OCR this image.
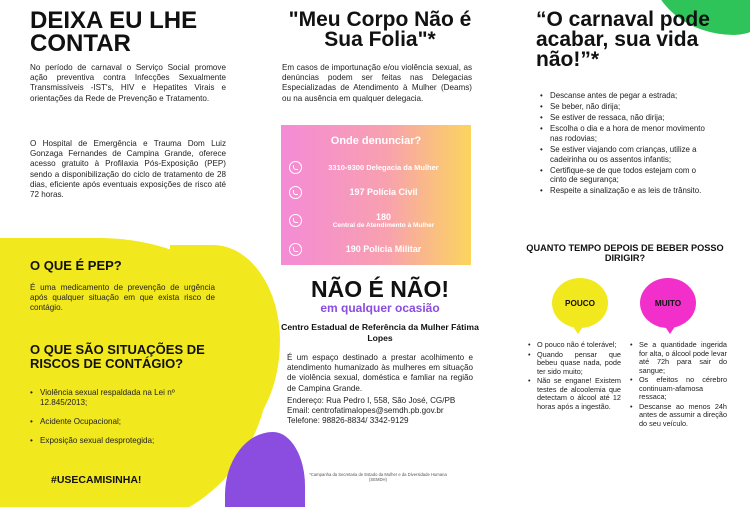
DEIXA EU LHE CONTAR
No período de carnaval o Serviço Social promove ação preventiva contra Infecções Sexualmente Transmissíveis -IST's, HIV e Hepatites Virais e orientações da Rede de Prevenção e Tratamento.
O Hospital de Emergência e Trauma Dom Luiz Gonzaga Fernandes de Campina Grande, oferece acesso gratuito à Profilaxia Pós-Exposição (PEP) sendo a disponibilização do ciclo de tratamento de 28 dias, eficiente após eventuais exposições de risco até 72 horas.
O QUE É PEP?
É uma medicamento de prevenção de urgência após qualquer situação em que exista risco de contágio.
O QUE SÃO SITUAÇÕES DE RISCOS DE CONTÁGIO?
• Violência sexual respaldada na Lei nº 12.845/2013;
• Acidente Ocupacional;
• Exposição sexual desprotegida;
#USECAMISINHA!
"Meu Corpo Não é Sua Folia"*
Em casos de importunação e/ou violência sexual, as denúncias podem ser feitas nas Delegacias Especializadas de Atendimento à Mulher (Deams) ou na ausência em qualquer delegacia.
Onde denunciar?
3310-9300 Delegacia da Mulher
197 Polícia Civil
180
Central de Atendimento à Mulher
190 Polícia Militar
NÃO É NÃO!
em qualquer ocasião
Centro Estadual de Referência da Mulher Fátima Lopes
É um espaço destinado a prestar acolhimento e atendimento humanizado às mulheres em situação de violência sexual, doméstica e famliar na região de Campina Grande.
Endereço: Rua Pedro I, 558, São José, CG/PB
Email: centrofatimalopes@semdh.pb.gov.br
Telefone: 98826-8834/ 3342-9129
*Campanha da Secretaria de Estado da Mulher e da Diversidade Humana (SEMDH)
“O carnaval pode acabar, sua vida não!”*
• Descanse antes de pegar a estrada;
• Se beber, não dirija;
• Se estiver de ressaca, não dirija;
• Escolha o dia e a hora de menor movimento nas rodovias;
• Se estiver viajando com crianças, utilize a cadeirinha ou os assentos infantis;
• Certifique-se de que todos estejam com o cinto de segurança;
• Respeite a sinalização e as leis de trânsito.
QUANTO TEMPO DEPOIS DE BEBER POSSO DIRIGIR?
POUCO	MUITO
• O pouco não é tolerável;
• Quando pensar que bebeu quase nada, pode ter sido muito;
• Não se engane! Existem testes de alcoolemia que detectam o álcool até 12 horas após a ingestão.
• Se a quantidade ingerida for alta, o álcool pode levar até 72h para sair do sangue;
• Os efeitos no cérebro continuam-afamosa ressaca;
• Descanse ao menos 24h antes de assumir a direção do seu veículo.
